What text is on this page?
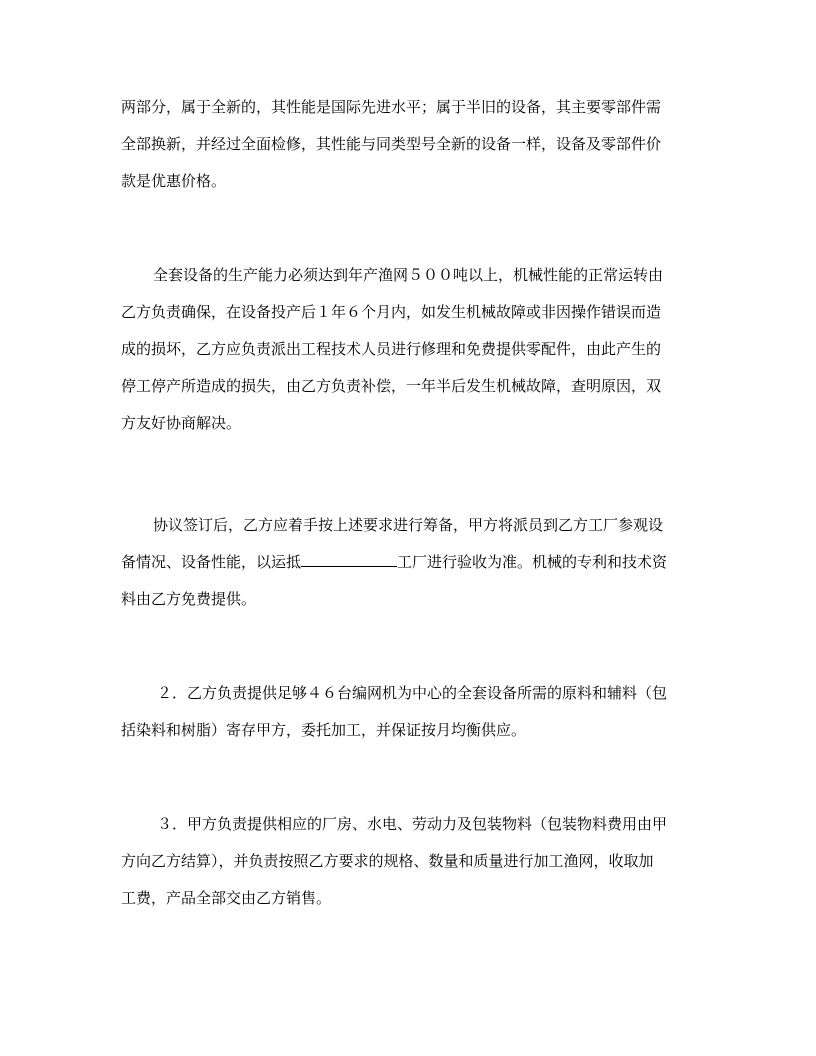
两部分，属于全新的，其性能是国际先进水平；属于半旧的设备，其主要零部件需
全部换新，并经过全面检修，其性能与同类型号全新的设备一样，设备及零部件价
款是优惠价格。

全套设备的生产能力必须达到年产渔网５００吨以上，机械性能的正常运转由
乙方负责确保，在设备投产后１年６个月内，如发生机械故障或非因操作错误而造
成的损坏，乙方应负责派出工程技术人员进行修理和免费提供零配件，由此产生的
停工停产所造成的损失，由乙方负责补偿，一年半后发生机械故障，查明原因，双
方友好协商解决。

协议签订后，乙方应着手按上述要求进行筹备，甲方将派员到乙方工厂参观设
备情况、设备性能，以运抵	工厂进行验收为准。机械的专利和技术资
料由乙方免费提供。

２．乙方负责提供足够４６台编网机为中心的全套设备所需的原料和辅料（包
括染料和树脂）寄存甲方，委托加工，并保证按月均衡供应。

３．甲方负责提供相应的厂房、水电、劳动力及包装物料（包装物料费用由甲
方向乙方结算），并负责按照乙方要求的规格、数量和质量进行加工渔网，收取加
工费，产品全部交由乙方销售。
